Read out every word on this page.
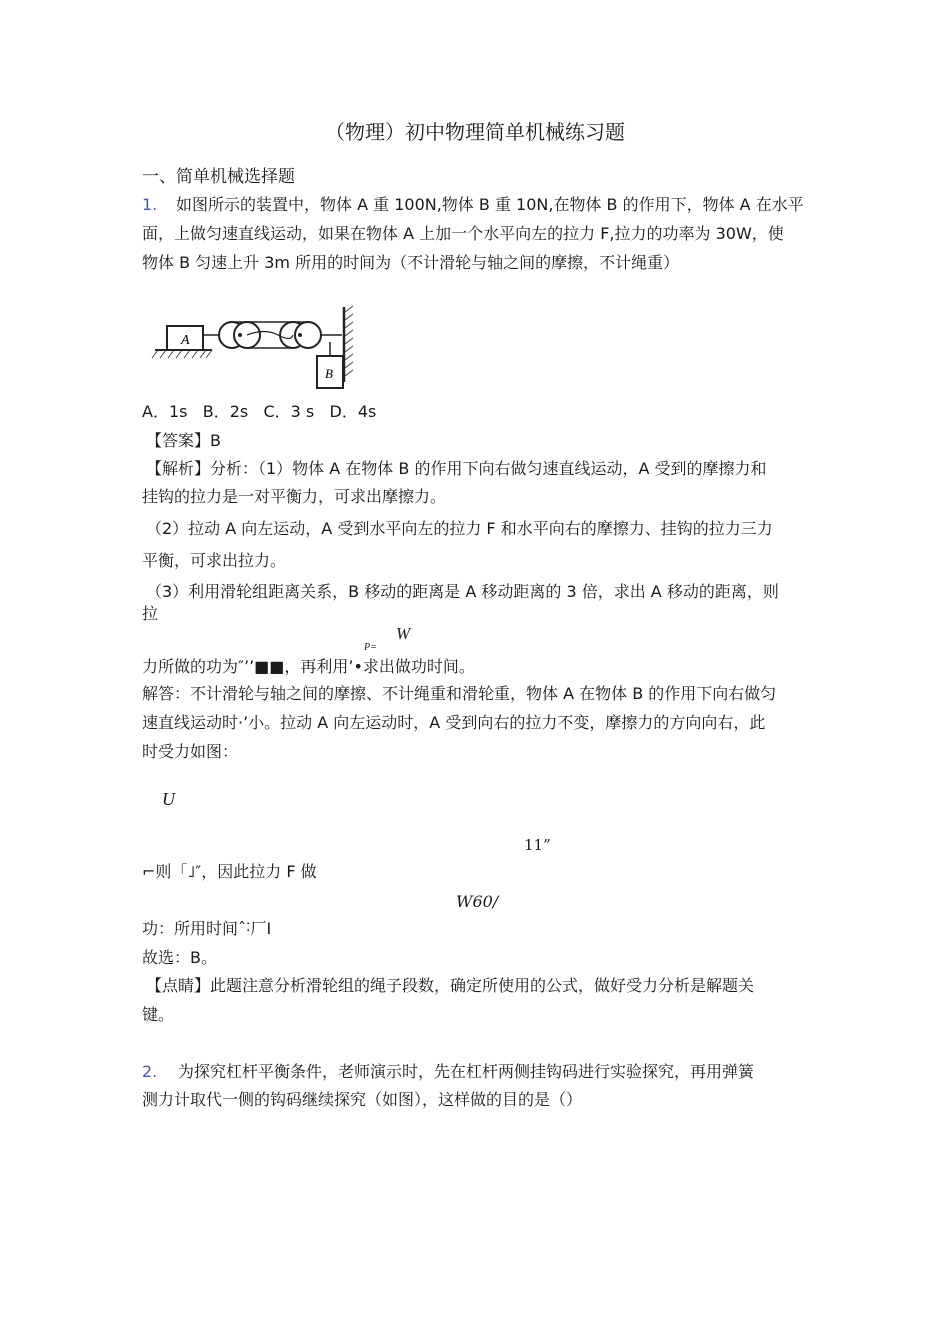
（物理）初中物理简单机械练习题
一、简单机械选择题
1. 如图所示的装置中，物体 A 重 100N,物体 B 重 10N,在物体 B 的作用下，物体 A 在水平
面，上做匀速直线运动，如果在物体 A 上加一个水平向左的拉力 F,拉力的功率为 30W，使
物体 B 匀速上升 3m 所用的时间为（不计滑轮与轴之间的摩擦，不计绳重）
A
B
A．1s   B．2s   C．3 s   D．4s
【答案】B
【解析】分析：（1）物体 A 在物体 B 的作用下向右做匀速直线运动，A 受到的摩擦力和
挂钩的拉力是一对平衡力，可求出摩擦力。
（2）拉动 A 向左运动，A 受到水平向左的拉力 F 和水平向右的摩擦力、挂钩的拉力三力
平衡，可求出拉力。
（3）利用滑轮组距离关系，B 移动的距离是 A 移动距离的 3 倍，求出 A 移动的距离，则
拉
W
P=
力所做的功为″’’■■，再利用’•求出做功时间。
解答：不计滑轮与轴之间的摩擦、不计绳重和滑轮重，物体 A 在物体 B 的作用下向右做匀
速直线运动时·’小。拉动 A 向左运动时，A 受到向右的拉力不变，摩擦力的方向向右，此
时受力如图：
U
11”
⌐则「˩″，因此拉力 F 做
W60/
功：所用时间ˆ˸厂I
故选：B。
【点睛】此题注意分析滑轮组的绳子段数，确定所使用的公式，做好受力分析是解题关
键。
2. 为探究杠杆平衡条件，老师演示时，先在杠杆两侧挂钩码进行实验探究，再用弹簧
测力计取代一侧的钩码继续探究（如图），这样做的目的是（）
